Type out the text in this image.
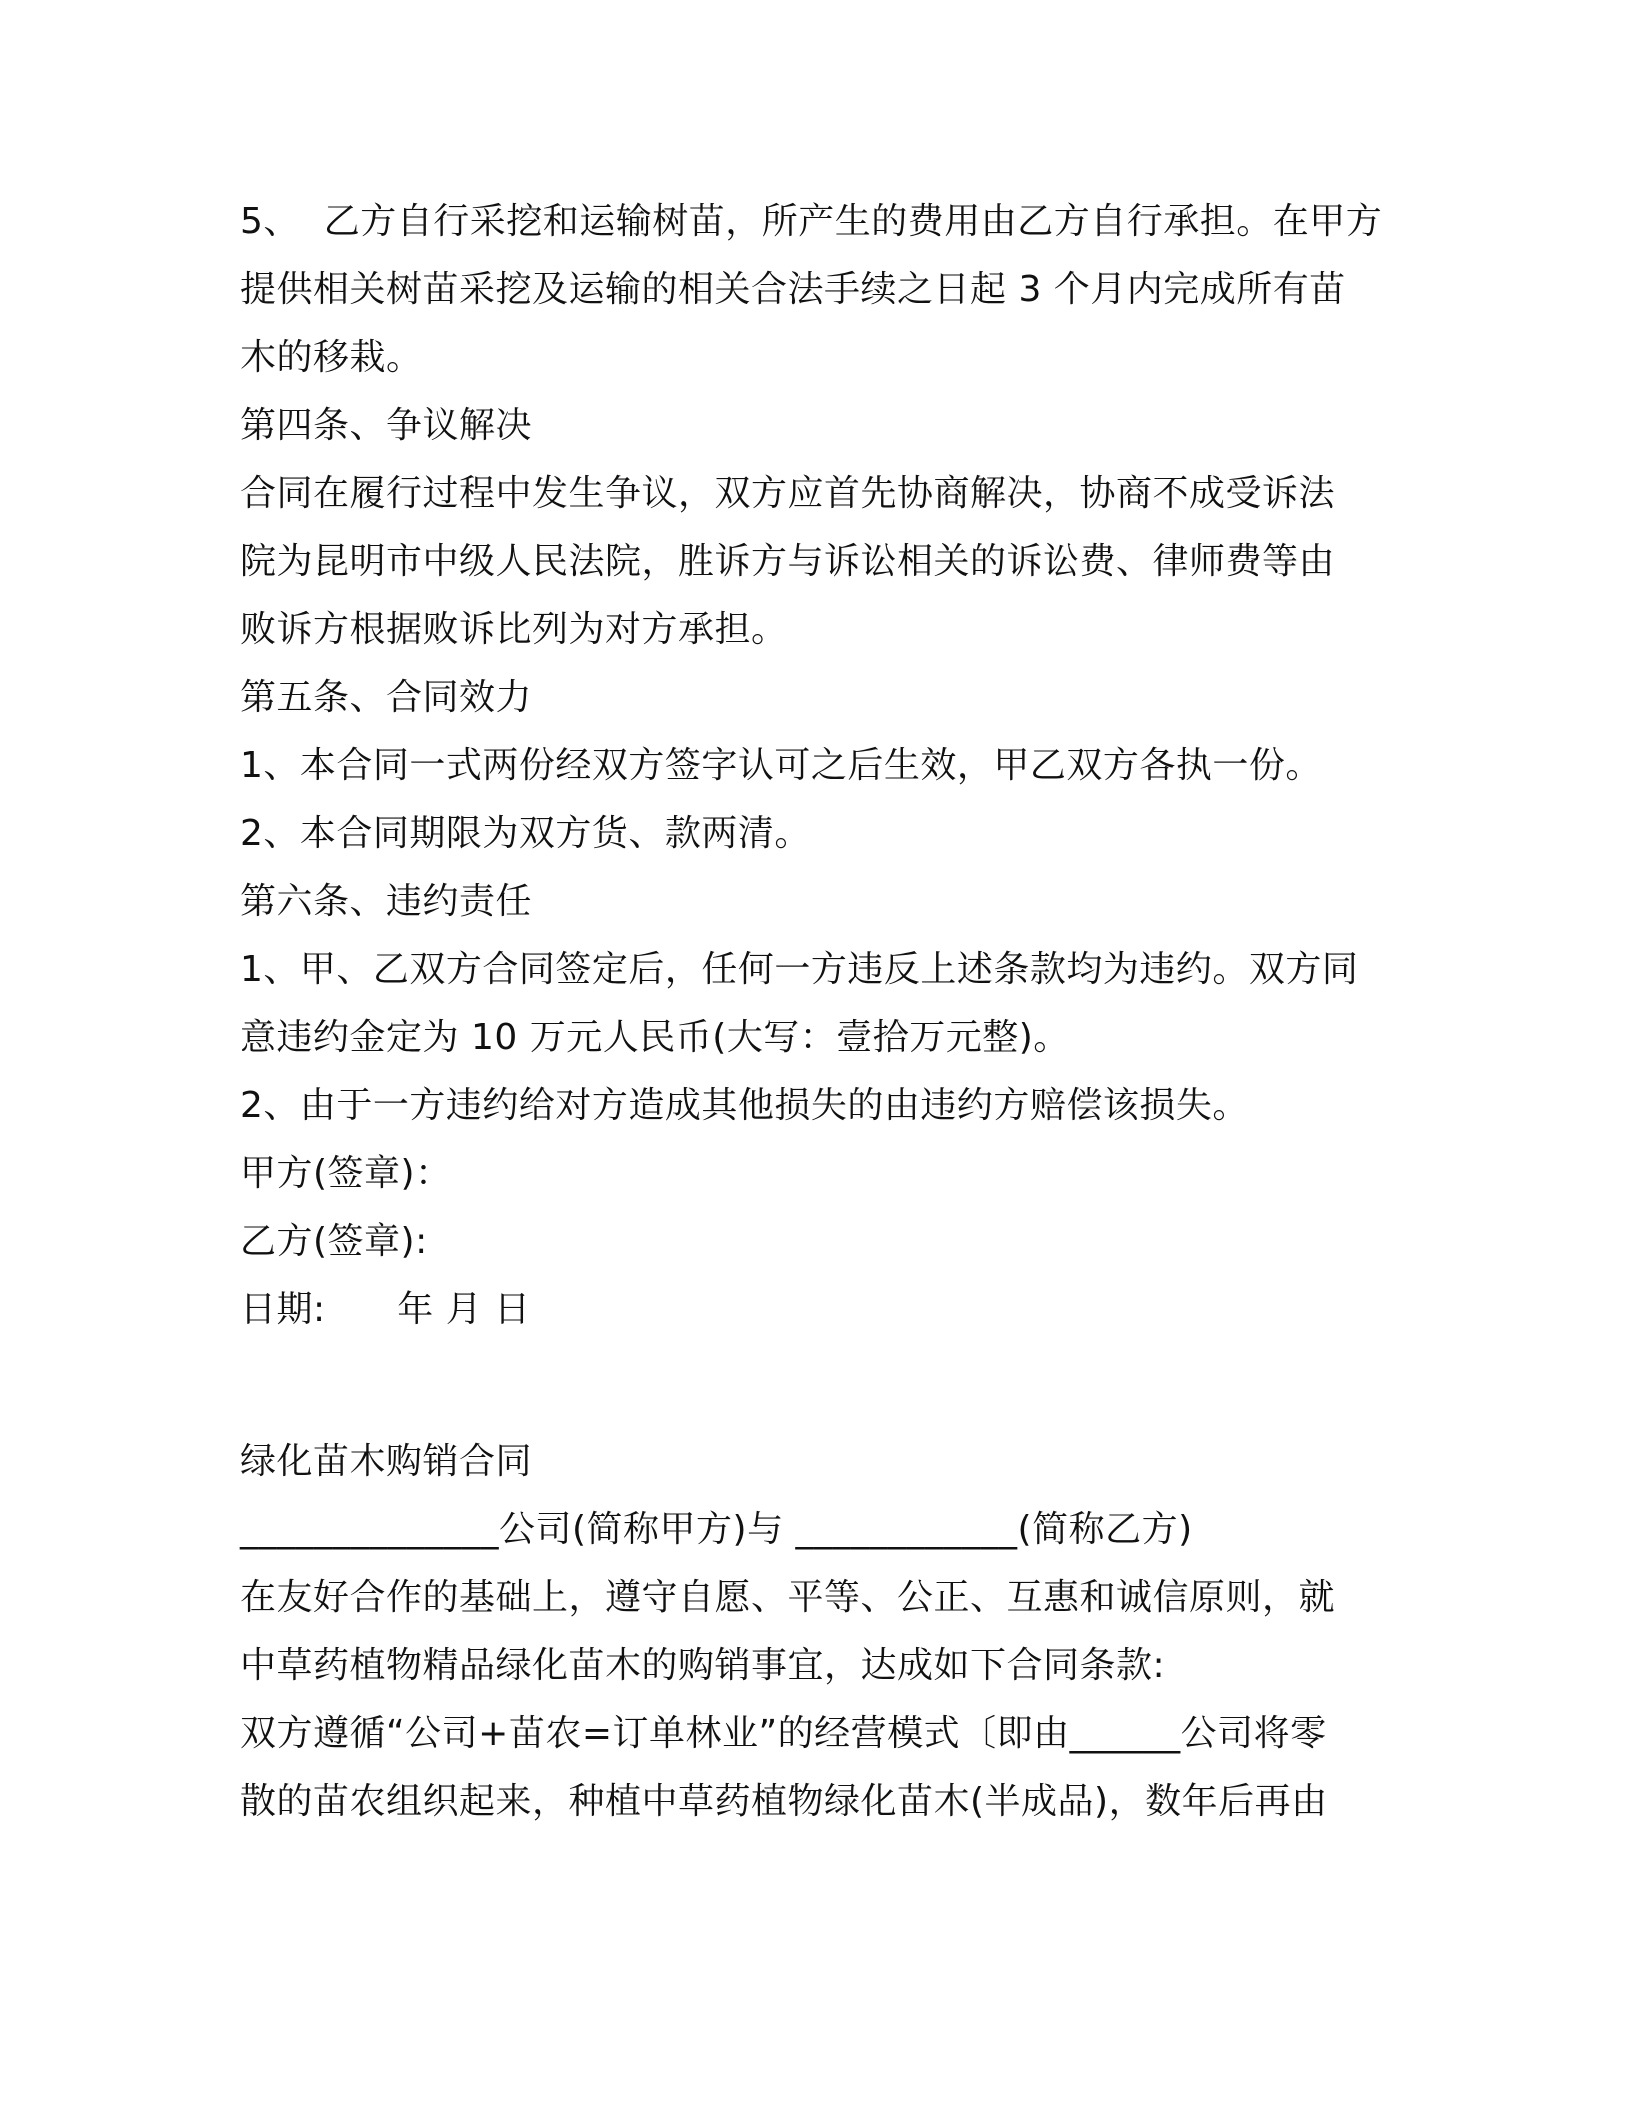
5、  乙方自行采挖和运输树苗，所产生的费用由乙方自行承担。在甲方
提供相关树苗采挖及运输的相关合法手续之日起 3 个月内完成所有苗
木的移栽。
第四条、争议解决
合同在履行过程中发生争议，双方应首先协商解决，协商不成受诉法
院为昆明市中级人民法院，胜诉方与诉讼相关的诉讼费、律师费等由
败诉方根据败诉比列为对方承担。
第五条、合同效力
1、本合同一式两份经双方签字认可之后生效，甲乙双方各执一份。
2、本合同期限为双方货、款两清。
第六条、违约责任
1、甲、乙双方合同签定后，任何一方违反上述条款均为违约。双方同
意违约金定为 10 万元人民币(大写：壹拾万元整)。
2、由于一方违约给对方造成其他损失的由违约方赔偿该损失。
甲方(签章)：
乙方(签章):
日期:      年 月 日
绿化苗木购销合同
______________公司(简称甲方)与 ____________(简称乙方)
在友好合作的基础上，遵守自愿、平等、公正、互惠和诚信原则，就
中草药植物精品绿化苗木的购销事宜，达成如下合同条款:
双方遵循“公司+苗农=订单林业”的经营模式〔即由______公司将零
散的苗农组织起来，种植中草药植物绿化苗木(半成品)，数年后再由
